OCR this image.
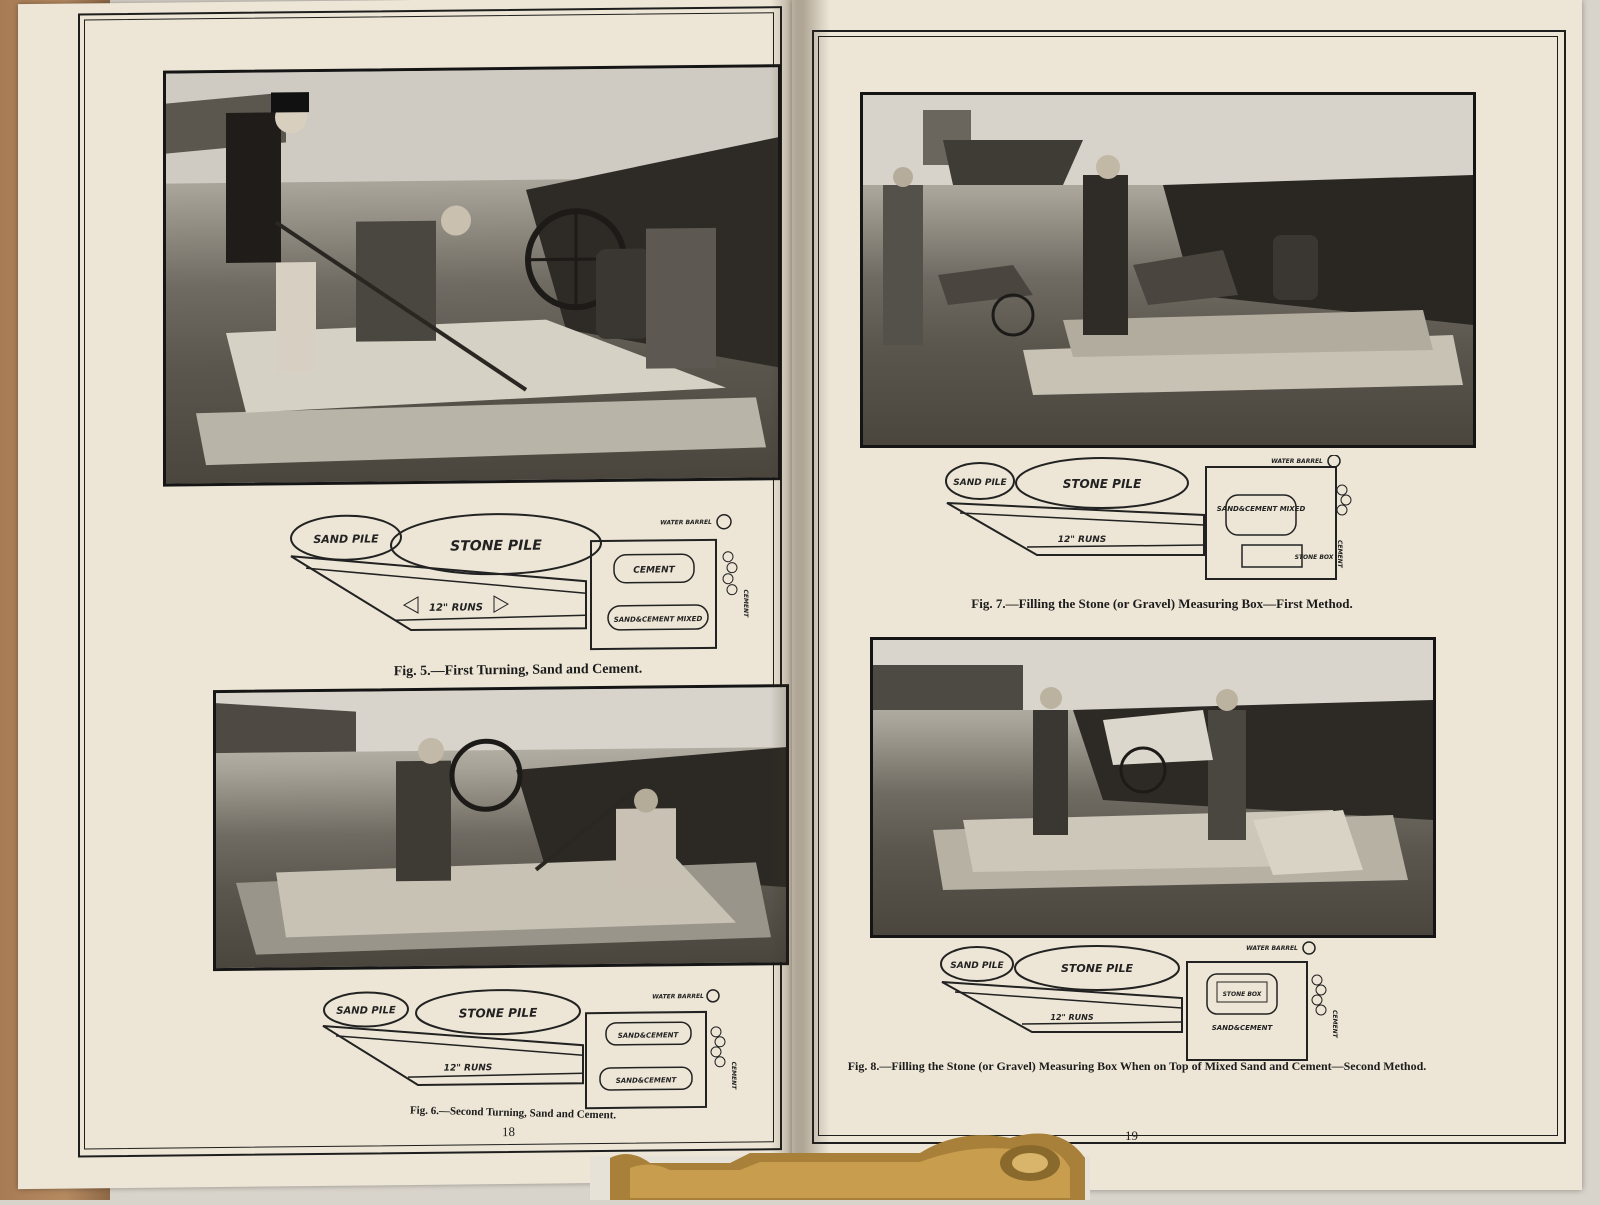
SAND PILE	STONE PILE
12" RUNS
CEMENT
SAND&CEMENT MIXED
WATER BARREL
CEMENT
Fig. 5.—First Turning, Sand and Cement.
SAND PILE	STONE PILE
12" RUNS
SAND&CEMENT
SAND&CEMENT
WATER BARREL
CEMENT
Fig. 6.—Second Turning, Sand and Cement.
18
SAND PILE	STONE PILE
12" RUNS
SAND&CEMENT MIXED
STONE BOX
WATER BARREL
CEMENT
Fig. 7.—Filling the Stone (or Gravel) Measuring Box—First Method.
SAND PILE	STONE PILE
12" RUNS
STONE BOX
SAND&CEMENT
WATER BARREL
CEMENT
Fig. 8.—Filling the Stone (or Gravel) Measuring Box When on Top of Mixed Sand and Cement—Second Method.
19
